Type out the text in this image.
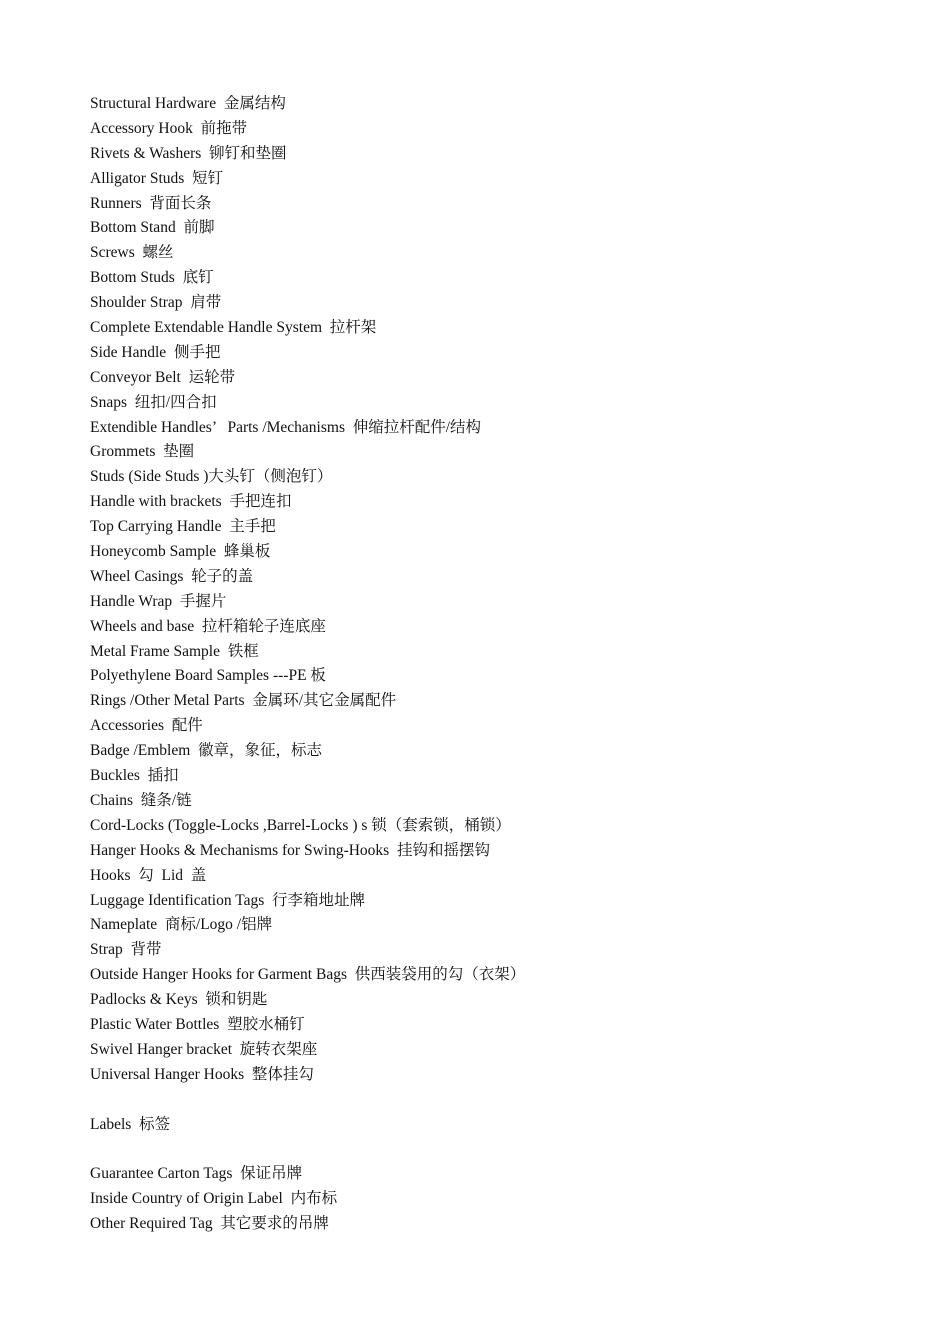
Structural Hardware  金属结构
Accessory Hook  前拖带
Rivets & Washers  铆钉和垫圈
Alligator Studs  短钉
Runners  背面长条
Bottom Stand  前脚
Screws  螺丝
Bottom Studs  底钉
Shoulder Strap  肩带
Complete Extendable Handle System  拉杆架
Side Handle  侧手把
Conveyor Belt  运轮带
Snaps  纽扣/四合扣
Extendible Handles’   Parts /Mechanisms  伸缩拉杆配件/结构
Grommets  垫圈
Studs (Side Studs )大头钉（侧泡钉）
Handle with brackets  手把连扣
Top Carrying Handle  主手把
Honeycomb Sample  蜂巢板
Wheel Casings  轮子的盖
Handle Wrap  手握片
Wheels and base  拉杆箱轮子连底座
Metal Frame Sample  铁框
Polyethylene Board Samples ---PE 板
Rings /Other Metal Parts  金属环/其它金属配件
Accessories  配件
Badge /Emblem  徽章，象征，标志
Buckles  插扣
Chains  缝条/链
Cord-Locks (Toggle-Locks ,Barrel-Locks ) s 锁（套索锁，桶锁）
Hanger Hooks & Mechanisms for Swing-Hooks  挂钩和摇摆钩
Hooks  勾  Lid  盖
Luggage Identification Tags  行李箱地址牌
Nameplate  商标/Logo /铝牌
Strap  背带
Outside Hanger Hooks for Garment Bags  供西装袋用的勾（衣架）
Padlocks & Keys  锁和钥匙
Plastic Water Bottles  塑胶水桶钉
Swivel Hanger bracket  旋转衣架座
Universal Hanger Hooks  整体挂勾
Labels  标签
Guarantee Carton Tags  保证吊牌
Inside Country of Origin Label  内布标
Other Required Tag  其它要求的吊牌
